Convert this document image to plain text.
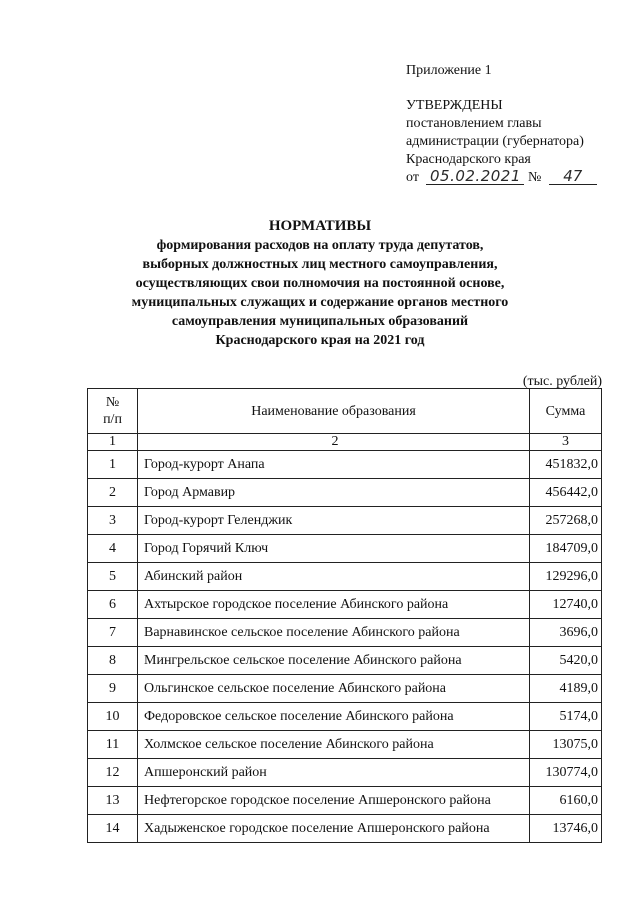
Приложение 1
УТВЕРЖДЕНЫ
постановлением главы
администрации (губернатора)
Краснодарского края
от 05.02.2021 № 47
НОРМАТИВЫ
формирования расходов на оплату труда депутатов,
выборных должностных лиц местного самоуправления,
осуществляющих свои полномочия на постоянной основе,
муниципальных служащих и содержание органов местного
самоуправления муниципальных образований
Краснодарского края на 2021 год
(тыс. рублей)
№
п/п	Наименование образования	Сумма
1	2	3
1	Город-курорт Анапа	451832,0
2	Город Армавир	456442,0
3	Город-курорт Геленджик	257268,0
4	Город Горячий Ключ	184709,0
5	Абинский район	129296,0
6	Ахтырское городское поселение Абинского района	12740,0
7	Варнавинское сельское поселение Абинского района	3696,0
8	Мингрельское сельское поселение Абинского района	5420,0
9	Ольгинское сельское поселение Абинского района	4189,0
10	Федоровское сельское поселение Абинского района	5174,0
11	Холмское сельское поселение Абинского района	13075,0
12	Апшеронский район	130774,0
13	Нефтегорское городское поселение Апшеронского района	6160,0
14	Хадыженское городское поселение Апшеронского района	13746,0
